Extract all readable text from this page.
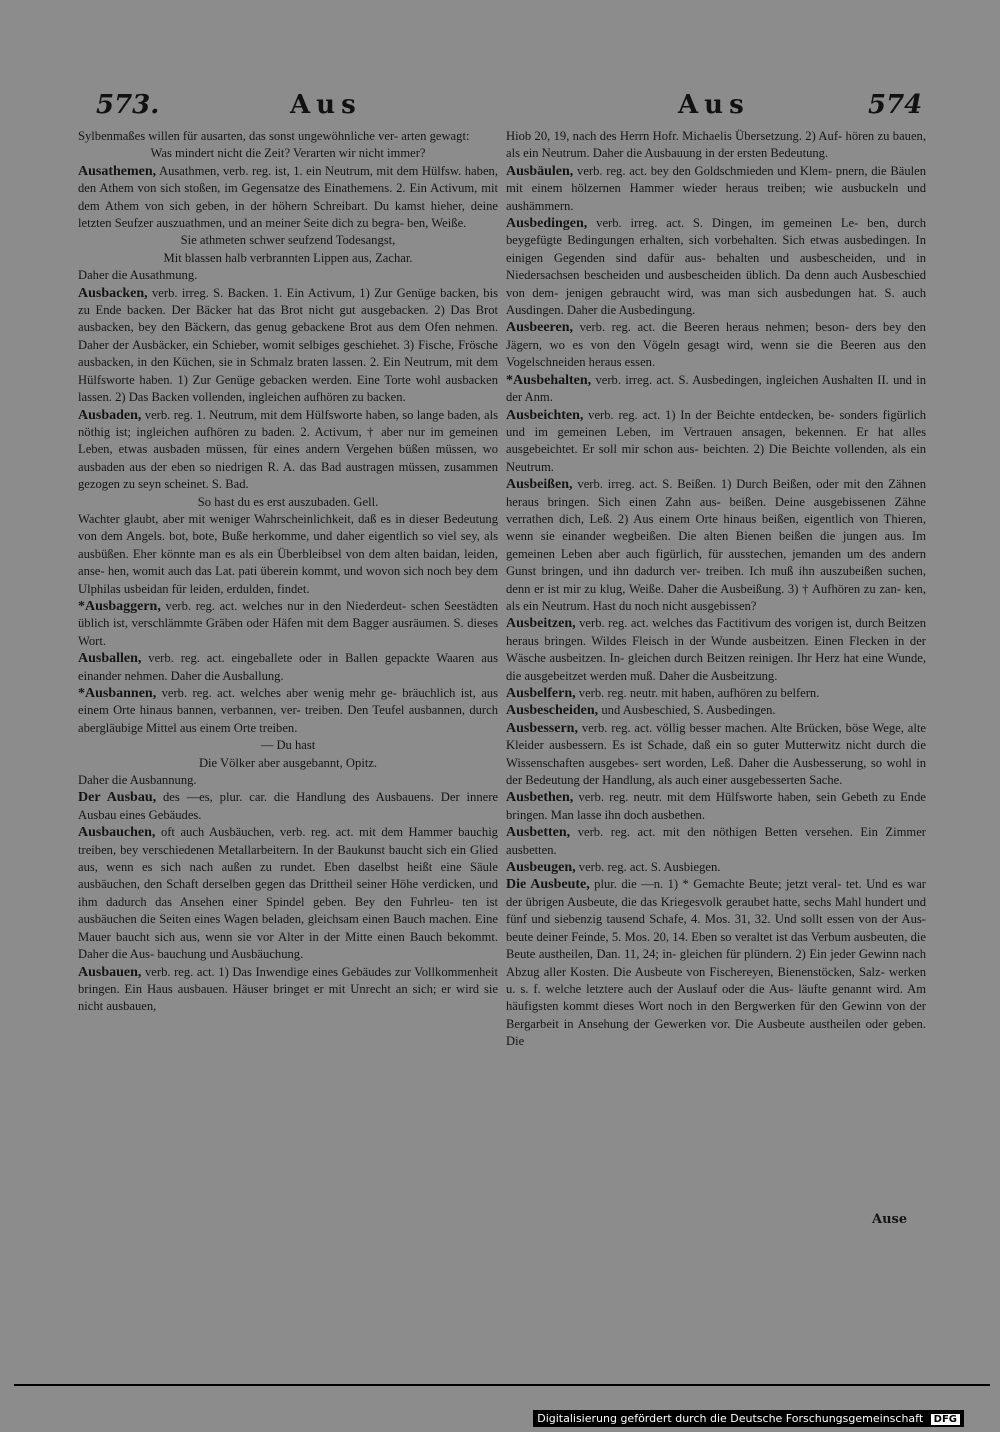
573.	Aus	Aus	574
Sylbenmaßes willen für ausarten, das sonst ungewöhnliche ver- arten gewagt:
Was mindert nicht die Zeit? Verarten wir nicht immer?
Ausathemen, Ausathmen, verb. reg. ist, 1. ein Neutrum, mit dem Hülfsw. haben, den Athem von sich stoßen, im Gegensatze des Einathemens. 2. Ein Activum, mit dem Athem von sich geben, in der höhern Schreibart. Du kamst hieher, deine letzten Seufzer auszuathmen, und an meiner Seite dich zu begra- ben, Weiße.
Sie athmeten schwer seufzend Todesangst,
Mit blassen halb verbrannten Lippen aus, Zachar.
Daher die Ausathmung.
Ausbacken, verb. irreg. S. Backen. 1. Ein Activum, 1) Zur Genüge backen, bis zu Ende backen. Der Bäcker hat das Brot nicht gut ausgebacken. 2) Das Brot ausbacken, bey den Bäckern, das genug gebackene Brot aus dem Ofen nehmen. Daher der Ausbäcker, ein Schieber, womit selbiges geschiehet. 3) Fische, Frösche ausbacken, in den Küchen, sie in Schmalz braten lassen. 2. Ein Neutrum, mit dem Hülfsworte haben. 1) Zur Genüge gebacken werden. Eine Torte wohl ausbacken lassen. 2) Das Backen vollenden, ingleichen aufhören zu backen.
Ausbaden, verb. reg. 1. Neutrum, mit dem Hülfsworte haben, so lange baden, als nöthig ist; ingleichen aufhören zu baden. 2. Activum, † aber nur im gemeinen Leben, etwas ausbaden müssen, für eines andern Vergehen büßen müssen, wo ausbaden aus der eben so niedrigen R. A. das Bad austragen müssen, zusammen gezogen zu seyn scheinet. S. Bad.
So hast du es erst auszubaden. Gell.
Wachter glaubt, aber mit weniger Wahrscheinlichkeit, daß es in dieser Bedeutung von dem Angels. bot, bote, Buße herkomme, und daher eigentlich so viel sey, als ausbüßen. Eher könnte man es als ein Überbleibsel von dem alten baidan, leiden, anse- hen, womit auch das Lat. pati überein kommt, und wovon sich noch bey dem Ulphilas usbeidan für leiden, erdulden, findet.
*Ausbaggern, verb. reg. act. welches nur in den Niederdeut- schen Seestädten üblich ist, verschlämmte Gräben oder Häfen mit dem Bagger ausräumen. S. dieses Wort.
Ausballen, verb. reg. act. eingeballete oder in Ballen gepackte Waaren aus einander nehmen. Daher die Ausballung.
*Ausbannen, verb. reg. act. welches aber wenig mehr ge- bräuchlich ist, aus einem Orte hinaus bannen, verbannen, ver- treiben. Den Teufel ausbannen, durch abergläubige Mittel aus einem Orte treiben.
— Du hast
Die Völker aber ausgebannt, Opitz.
Daher die Ausbannung.
Der Ausbau, des —es, plur. car. die Handlung des Ausbauens. Der innere Ausbau eines Gebäudes.
Ausbauchen, oft auch Ausbäuchen, verb. reg. act. mit dem Hammer bauchig treiben, bey verschiedenen Metallarbeitern. In der Baukunst baucht sich ein Glied aus, wenn es sich nach außen zu rundet. Eben daselbst heißt eine Säule ausbäuchen, den Schaft derselben gegen das Drittheil seiner Höhe verdicken, und ihm dadurch das Ansehen einer Spindel geben. Bey den Fuhrleu- ten ist ausbäuchen die Seiten eines Wagen beladen, gleichsam einen Bauch machen. Eine Mauer baucht sich aus, wenn sie vor Alter in der Mitte einen Bauch bekommt. Daher die Aus- bauchung und Ausbäuchung.
Ausbauen, verb. reg. act. 1) Das Inwendige eines Gebäudes zur Vollkommenheit bringen. Ein Haus ausbauen. Häuser bringet er mit Unrecht an sich; er wird sie nicht ausbauen,
Hiob 20, 19, nach des Herrn Hofr. Michaelis Übersetzung. 2) Auf- hören zu bauen, als ein Neutrum. Daher die Ausbauung in der ersten Bedeutung.
Ausbäulen, verb. reg. act. bey den Goldschmieden und Klem- pnern, die Bäulen mit einem hölzernen Hammer wieder heraus treiben; wie ausbuckeln und aushämmern.
Ausbedingen, verb. irreg. act. S. Dingen, im gemeinen Le- ben, durch beygefügte Bedingungen erhalten, sich vorbehalten. Sich etwas ausbedingen. In einigen Gegenden sind dafür aus- behalten und ausbescheiden, und in Niedersachsen bescheiden und ausbescheiden üblich. Da denn auch Ausbeschied von dem- jenigen gebraucht wird, was man sich ausbedungen hat. S. auch Ausdingen. Daher die Ausbedingung.
Ausbeeren, verb. reg. act. die Beeren heraus nehmen; beson- ders bey den Jägern, wo es von den Vögeln gesagt wird, wenn sie die Beeren aus den Vogelschneiden heraus essen.
*Ausbehalten, verb. irreg. act. S. Ausbedingen, ingleichen Aushalten II. und in der Anm.
Ausbeichten, verb. reg. act. 1) In der Beichte entdecken, be- sonders figürlich und im gemeinen Leben, im Vertrauen ansagen, bekennen. Er hat alles ausgebeichtet. Er soll mir schon aus- beichten. 2) Die Beichte vollenden, als ein Neutrum.
Ausbeißen, verb. irreg. act. S. Beißen. 1) Durch Beißen, oder mit den Zähnen heraus bringen. Sich einen Zahn aus- beißen. Deine ausgebissenen Zähne verrathen dich, Leß. 2) Aus einem Orte hinaus beißen, eigentlich von Thieren, wenn sie einander wegbeißen. Die alten Bienen beißen die jungen aus. Im gemeinen Leben aber auch figürlich, für ausstechen, jemanden um des andern Gunst bringen, und ihn dadurch ver- treiben. Ich muß ihn auszubeißen suchen, denn er ist mir zu klug, Weiße. Daher die Ausbeißung. 3) † Aufhören zu zan- ken, als ein Neutrum. Hast du noch nicht ausgebissen?
Ausbeitzen, verb. reg. act. welches das Factitivum des vorigen ist, durch Beitzen heraus bringen. Wildes Fleisch in der Wunde ausbeitzen. Einen Flecken in der Wäsche ausbeitzen. In- gleichen durch Beitzen reinigen. Ihr Herz hat eine Wunde, die ausgebeitzet werden muß. Daher die Ausbeitzung.
Ausbelfern, verb. reg. neutr. mit haben, aufhören zu belfern.
Ausbescheiden, und Ausbeschied, S. Ausbedingen.
Ausbessern, verb. reg. act. völlig besser machen. Alte Brücken, böse Wege, alte Kleider ausbessern. Es ist Schade, daß ein so guter Mutterwitz nicht durch die Wissenschaften ausgebes- sert worden, Leß. Daher die Ausbesserung, so wohl in der Bedeutung der Handlung, als auch einer ausgebesserten Sache.
Ausbethen, verb. reg. neutr. mit dem Hülfsworte haben, sein Gebeth zu Ende bringen. Man lasse ihn doch ausbethen.
Ausbetten, verb. reg. act. mit den nöthigen Betten versehen. Ein Zimmer ausbetten.
Ausbeugen, verb. reg. act. S. Ausbiegen.
Die Ausbeute, plur. die —n. 1) * Gemachte Beute; jetzt veral- tet. Und es war der übrigen Ausbeute, die das Kriegesvolk geraubet hatte, sechs Mahl hundert und fünf und siebenzig tausend Schafe, 4. Mos. 31, 32. Und sollt essen von der Aus- beute deiner Feinde, 5. Mos. 20, 14. Eben so veraltet ist das Verbum ausbeuten, die Beute austheilen, Dan. 11, 24; in- gleichen für plündern. 2) Ein jeder Gewinn nach Abzug aller Kosten. Die Ausbeute von Fischereyen, Bienenstöcken, Salz- werken u. s. f. welche letztere auch der Auslauf oder die Aus- läufte genannt wird. Am häufigsten kommt dieses Wort noch in den Bergwerken für den Gewinn von der Bergarbeit in Ansehung der Gewerken vor. Die Ausbeute austheilen oder geben. Die
Ause
Digitalisierung gefördert durch die Deutsche Forschungsgemeinschaft DFG
